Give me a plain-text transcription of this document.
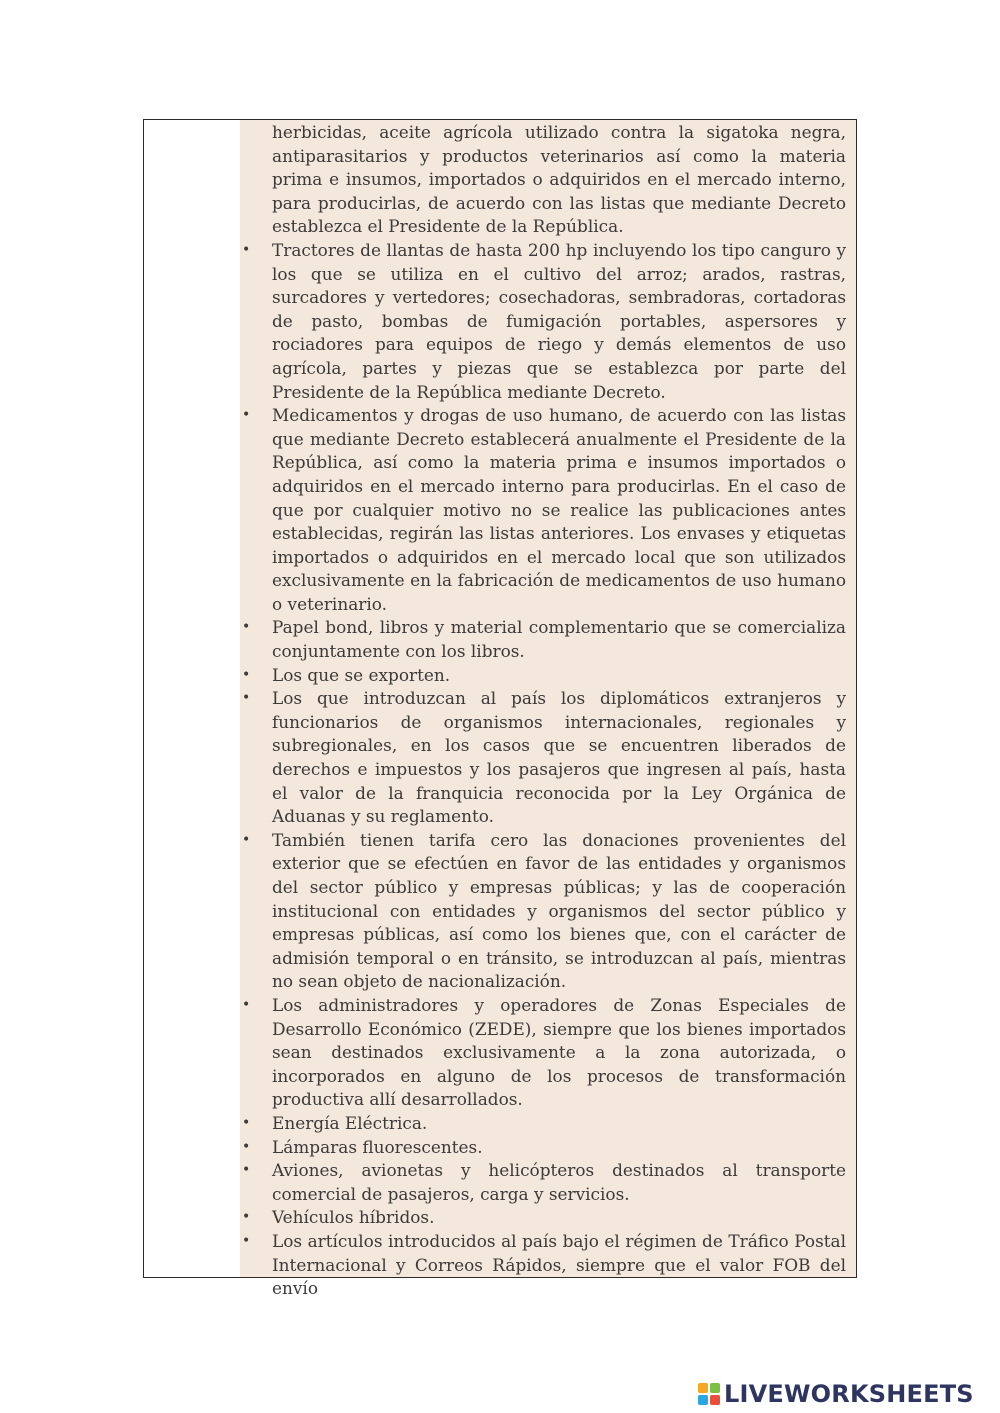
herbicidas, aceite agrícola utilizado contra la sigatoka negra, antiparasitarios y productos veterinarios así como la materia prima e insumos, importados o adquiridos en el mercado interno, para producirlas, de acuerdo con las listas que mediante Decreto establezca el Presidente de la República.

• Tractores de llantas de hasta 200 hp incluyendo los tipo canguro y los que se utiliza en el cultivo del arroz; arados, rastras, surcadores y vertedores; cosechadoras, sembradoras, cortadoras de pasto, bombas de fumigación portables, aspersores y rociadores para equipos de riego y demás elementos de uso agrícola, partes y piezas que se establezca por parte del Presidente de la República mediante Decreto.
• Medicamentos y drogas de uso humano, de acuerdo con las listas que mediante Decreto establecerá anualmente el Presidente de la República, así como la materia prima e insumos importados o adquiridos en el mercado interno para producirlas. En el caso de que por cualquier motivo no se realice las publicaciones antes establecidas, regirán las listas anteriores. Los envases y etiquetas importados o adquiridos en el mercado local que son utilizados exclusivamente en la fabricación de medicamentos de uso humano o veterinario.
• Papel bond, libros y material complementario que se comercializa conjuntamente con los libros.
• Los que se exporten.
• Los que introduzcan al país los diplomáticos extranjeros y funcionarios de organismos internacionales, regionales y subregionales, en los casos que se encuentren liberados de derechos e impuestos y los pasajeros que ingresen al país, hasta el valor de la franquicia reconocida por la Ley Orgánica de Aduanas y su reglamento.
• También tienen tarifa cero las donaciones provenientes del exterior que se efectúen en favor de las entidades y organismos del sector público y empresas públicas; y las de cooperación institucional con entidades y organismos del sector público y empresas públicas, así como los bienes que, con el carácter de admisión temporal o en tránsito, se introduzcan al país, mientras no sean objeto de nacionalización.
• Los administradores y operadores de Zonas Especiales de Desarrollo Económico (ZEDE), siempre que los bienes importados sean destinados exclusivamente a la zona autorizada, o incorporados en alguno de los procesos de transformación productiva allí desarrollados.
• Energía Eléctrica.
• Lámparas fluorescentes.
• Aviones, avionetas y helicópteros destinados al transporte comercial de pasajeros, carga y servicios.
• Vehículos híbridos.
• Los artículos introducidos al país bajo el régimen de Tráfico Postal Internacional y Correos Rápidos, siempre que el valor FOB del envío
LIVEWORKSHEETS
